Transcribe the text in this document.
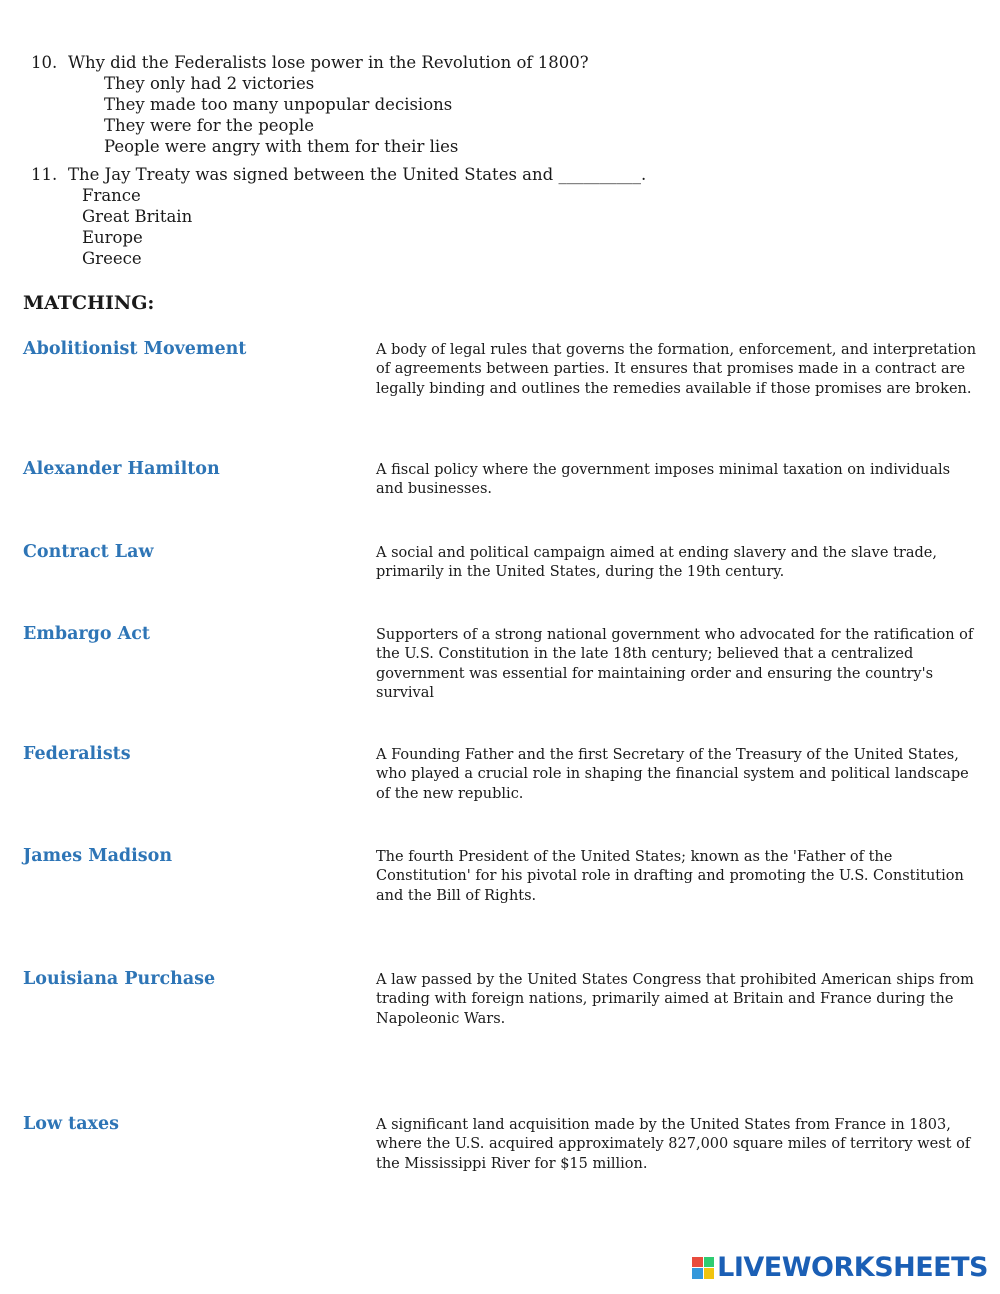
10. Why did the Federalists lose power in the Revolution of 1800?
They only had 2 victories
They made too many unpopular decisions
They were for the people
People were angry with them for their lies
11. The Jay Treaty was signed between the United States and __________.
France
Great Britain
Europe
Greece
MATCHING:
Abolitionist Movement
Alexander Hamilton
Contract Law
Embargo Act
Federalists
James Madison
Louisiana Purchase
Low taxes
A body of legal rules that governs the formation, enforcement, and interpretation of agreements between parties. It ensures that promises made in a contract are legally binding and outlines the remedies available if those promises are broken.
A fiscal policy where the government imposes minimal taxation on individuals and businesses.
A social and political campaign aimed at ending slavery and the slave trade, primarily in the United States, during the 19th century.
Supporters of a strong national government who advocated for the ratification of the U.S. Constitution in the late 18th century; believed that a centralized government was essential for maintaining order and ensuring the country's survival
A Founding Father and the first Secretary of the Treasury of the United States, who played a crucial role in shaping the financial system and political landscape of the new republic.
The fourth President of the United States; known as the 'Father of the Constitution' for his pivotal role in drafting and promoting the U.S. Constitution and the Bill of Rights.
A law passed by the United States Congress that prohibited American ships from trading with foreign nations, primarily aimed at Britain and France during the Napoleonic Wars.
A significant land acquisition made by the United States from France in 1803, where the U.S. acquired approximately 827,000 square miles of territory west of the Mississippi River for $15 million.
LIVEWORKSHEETS
